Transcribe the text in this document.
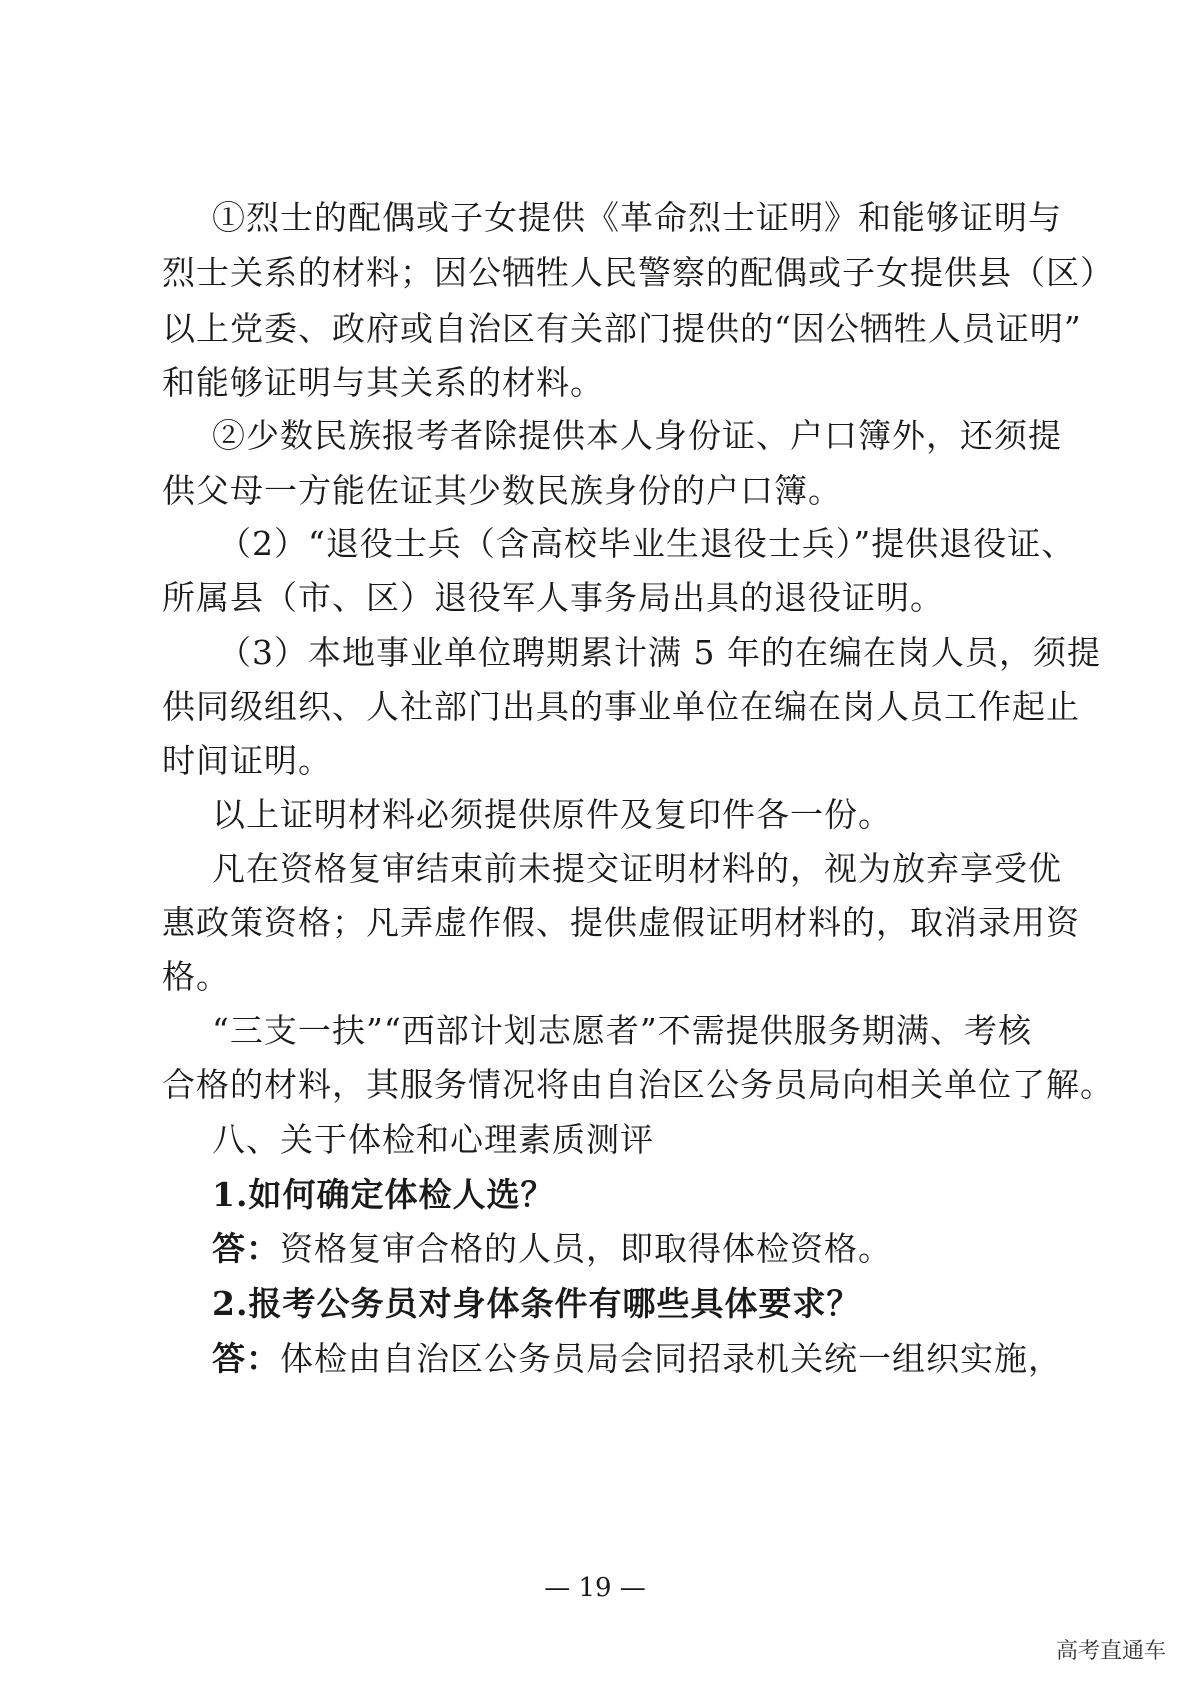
①烈士的配偶或子女提供《革命烈士证明》和能够证明与
烈士关系的材料；因公牺牲人民警察的配偶或子女提供县（区）
以上党委、政府或自治区有关部门提供的“因公牺牲人员证明”
和能够证明与其关系的材料。
②少数民族报考者除提供本人身份证、户口簿外，还须提
供父母一方能佐证其少数民族身份的户口簿。
（2）“退役士兵（含高校毕业生退役士兵）”提供退役证、
所属县（市、区）退役军人事务局出具的退役证明。
（3）本地事业单位聘期累计满 5 年的在编在岗人员，须提
供同级组织、人社部门出具的事业单位在编在岗人员工作起止
时间证明。
以上证明材料必须提供原件及复印件各一份。
凡在资格复审结束前未提交证明材料的，视为放弃享受优
惠政策资格；凡弄虚作假、提供虚假证明材料的，取消录用资
格。
“三支一扶”“西部计划志愿者”不需提供服务期满、考核
合格的材料，其服务情况将由自治区公务员局向相关单位了解。
八、关于体检和心理素质测评
1.如何确定体检人选？
答：资格复审合格的人员，即取得体检资格。
2.报考公务员对身体条件有哪些具体要求？
答：体检由自治区公务员局会同招录机关统一组织实施，
— 19 —
高考直通车
